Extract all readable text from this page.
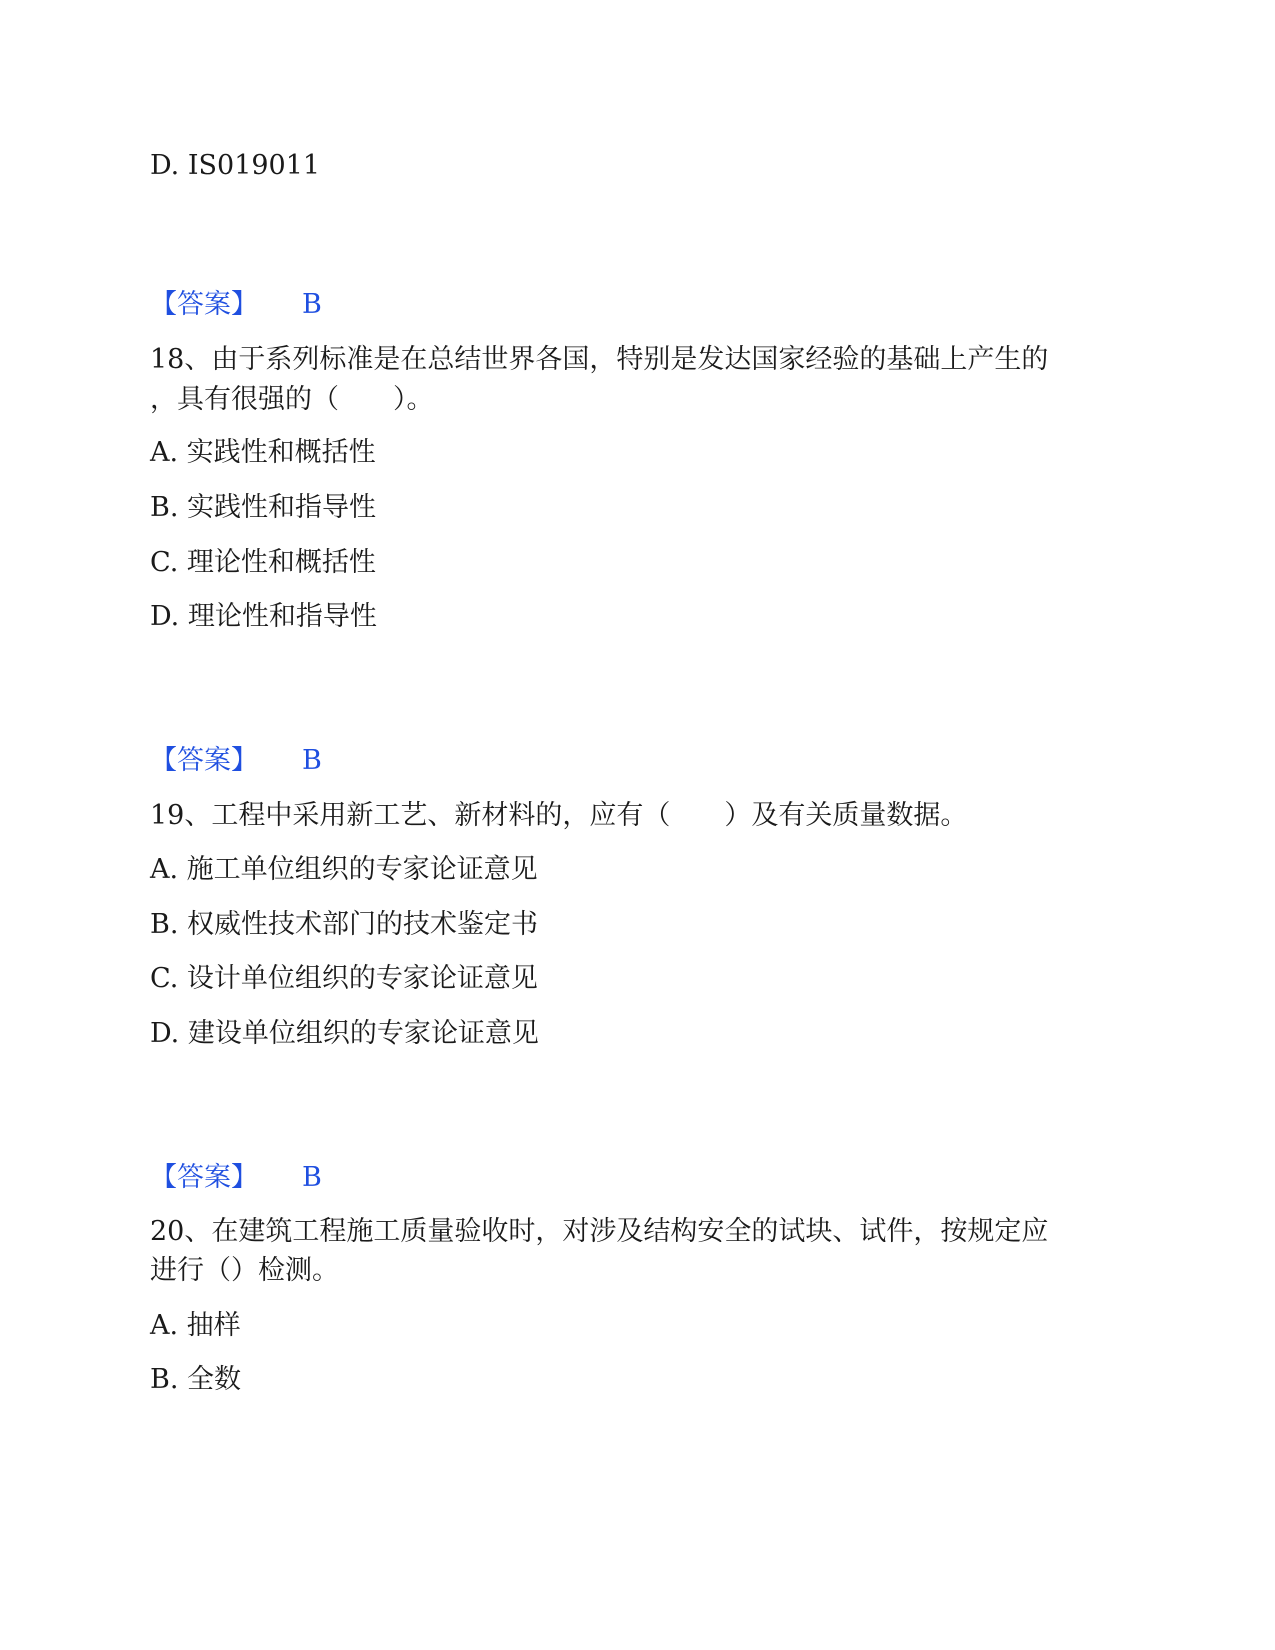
D. IS019011
【答案】 B
18、由于系列标准是在总结世界各国，特别是发达国家经验的基础上产生的
，具有很强的（　　）。
A. 实践性和概括性
B. 实践性和指导性
C. 理论性和概括性
D. 理论性和指导性
【答案】 B
19、工程中采用新工艺、新材料的，应有（　　）及有关质量数据。
A. 施工单位组织的专家论证意见
B. 权威性技术部门的技术鉴定书
C. 设计单位组织的专家论证意见
D. 建设单位组织的专家论证意见
【答案】 B
20、在建筑工程施工质量验收时，对涉及结构安全的试块、试件，按规定应
进行（）检测。
A. 抽样
B. 全数
